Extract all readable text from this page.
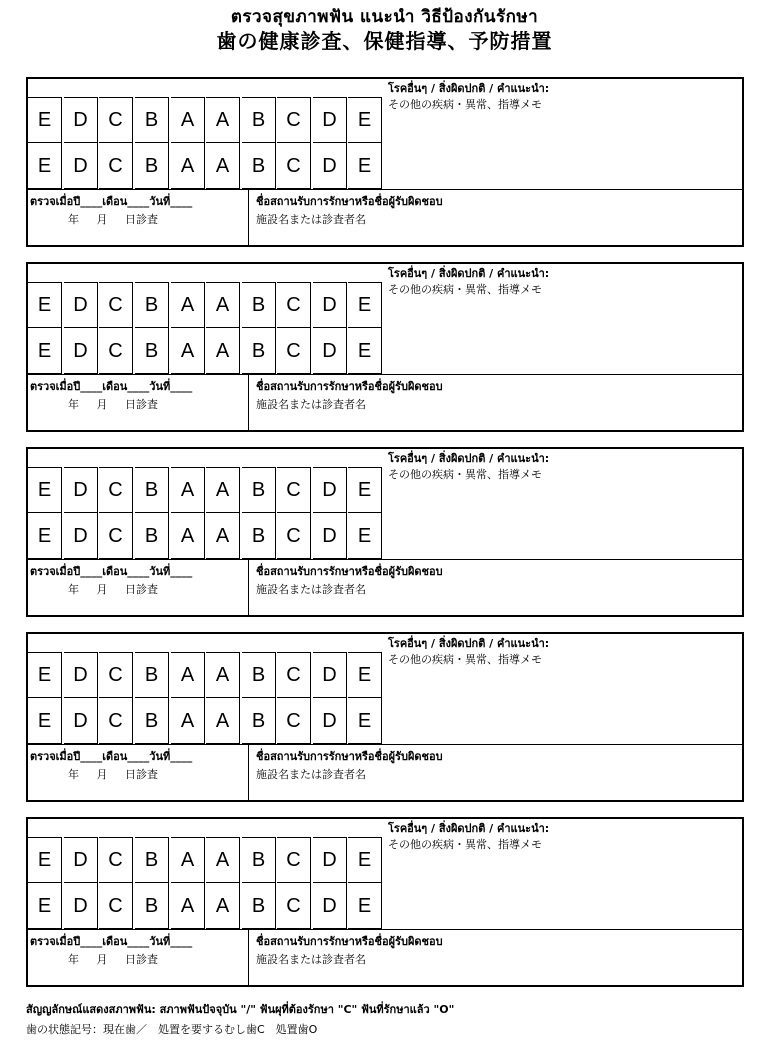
ตรวจสุขภาพฟัน แนะนำ วิธีป้องกันรักษา
歯の健康診査、保健指導、予防措置
E	D	C	B	A	A	B	C	D	E
E	D	C	B	A	A	B	C	D	E
โรคอื่นๆ / สิ่งผิดปกติ / คำแนะนำ:
その他の疾病・異常、指導メモ
ตรวจเมื่อปี____เดือน____วันที่____
年 月 日診査
ชื่อสถานรับการรักษาหรือชื่อผู้รับผิดชอบ
施設名または診査者名
E	D	C	B	A	A	B	C	D	E
E	D	C	B	A	A	B	C	D	E
โรคอื่นๆ / สิ่งผิดปกติ / คำแนะนำ:
その他の疾病・異常、指導メモ
ตรวจเมื่อปี____เดือน____วันที่____
年 月 日診査
ชื่อสถานรับการรักษาหรือชื่อผู้รับผิดชอบ
施設名または診査者名
E	D	C	B	A	A	B	C	D	E
E	D	C	B	A	A	B	C	D	E
โรคอื่นๆ / สิ่งผิดปกติ / คำแนะนำ:
その他の疾病・異常、指導メモ
ตรวจเมื่อปี____เดือน____วันที่____
年 月 日診査
ชื่อสถานรับการรักษาหรือชื่อผู้รับผิดชอบ
施設名または診査者名
E	D	C	B	A	A	B	C	D	E
E	D	C	B	A	A	B	C	D	E
โรคอื่นๆ / สิ่งผิดปกติ / คำแนะนำ:
その他の疾病・異常、指導メモ
ตรวจเมื่อปี____เดือน____วันที่____
年 月 日診査
ชื่อสถานรับการรักษาหรือชื่อผู้รับผิดชอบ
施設名または診査者名
E	D	C	B	A	A	B	C	D	E
E	D	C	B	A	A	B	C	D	E
โรคอื่นๆ / สิ่งผิดปกติ / คำแนะนำ:
その他の疾病・異常、指導メモ
ตรวจเมื่อปี____เดือน____วันที่____
年 月 日診査
ชื่อสถานรับการรักษาหรือชื่อผู้รับผิดชอบ
施設名または診査者名
สัญญลักษณ์แสดงสภาพฟัน: สภาพฟันปัจจุบัน "/" ฟันผุที่ต้องรักษา "C" ฟันที่รักษาแล้ว "O"
歯の状態記号：現在歯／　処置を要するむし歯C　処置歯O
